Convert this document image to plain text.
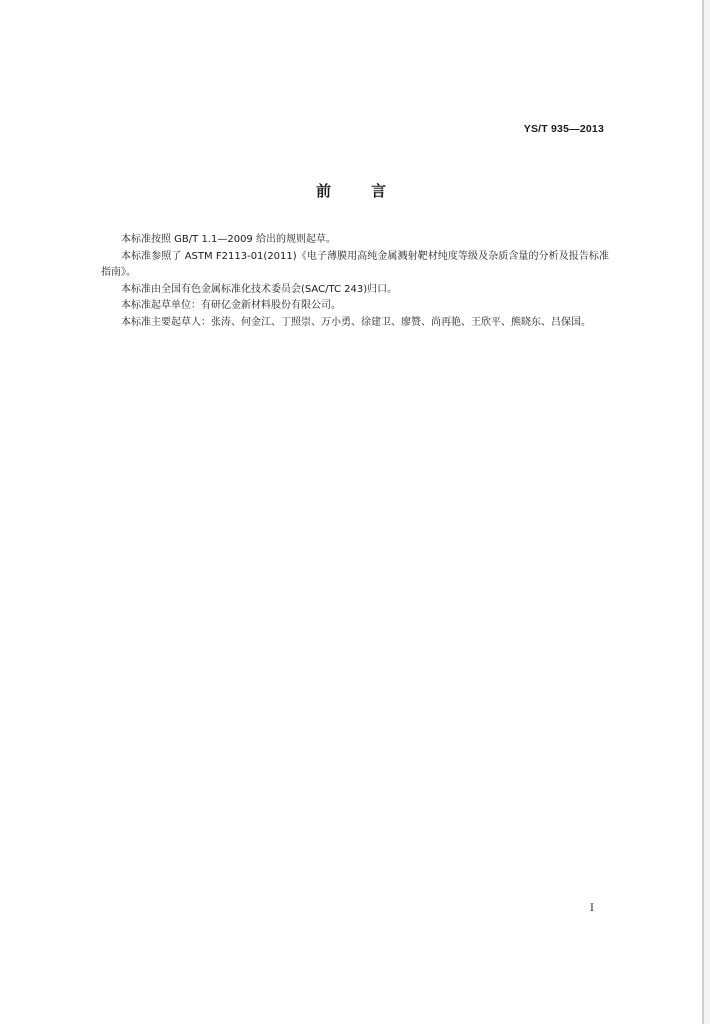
YS/T 935—2013
前	言

本标准按照 GB/T 1.1—2009 给出的规则起草。

本标准参照了 ASTM F2113-01(2011)《电子薄膜用高纯金属溅射靶材纯度等级及杂质含量的分析及报告标准指南》。

本标准由全国有色金属标准化技术委员会(SAC/TC 243)归口。

本标准起草单位：有研亿金新材料股份有限公司。

本标准主要起草人：张涛、何金江、丁照崇、万小勇、徐建卫、廖赞、尚再艳、王欣平、熊晓东、吕保国。

I
